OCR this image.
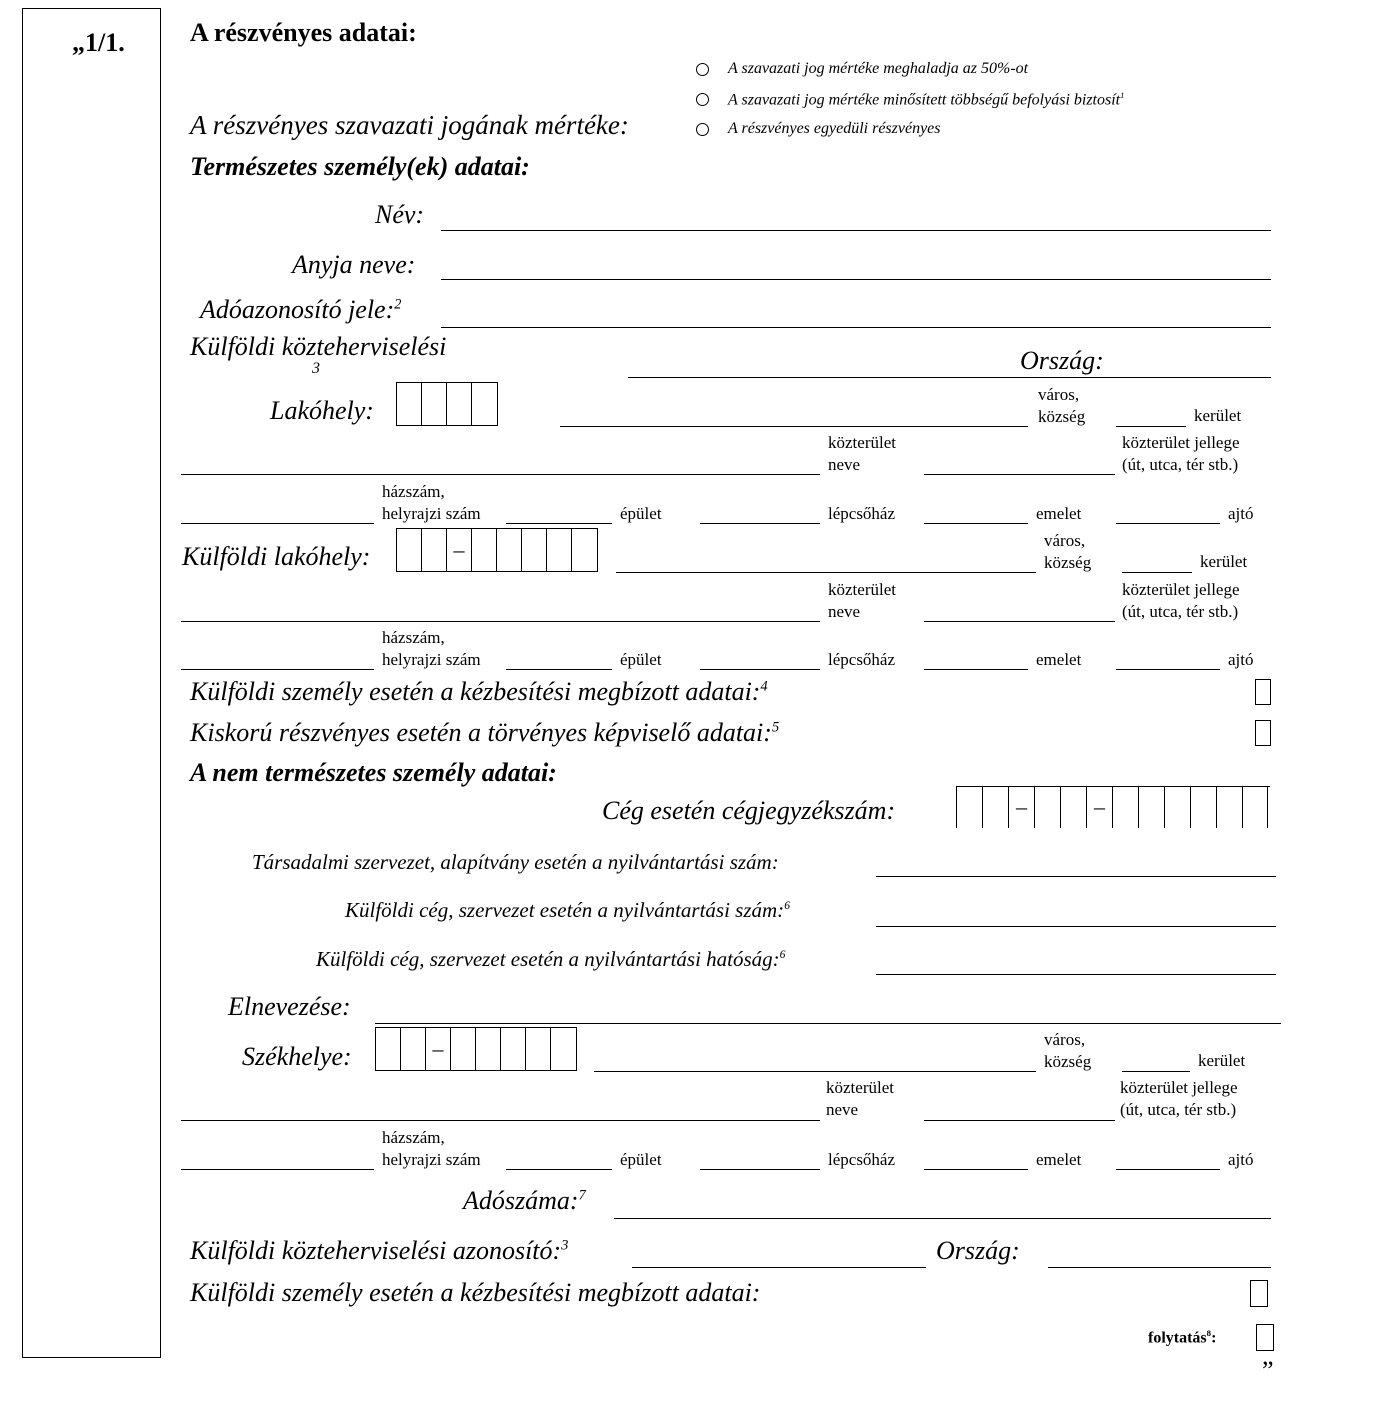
„1/1.	A részvényes adatai:
A részvényes szavazati jogának mértéke:
A szavazati jog mértéke meghaladja az 50%-ot
A szavazati jog mértéke minősített többségű befolyási biztosít$^1$
A részvényes egyedüli részvényes
Természetes személy(ek) adatai:
Név:
Anyja neve:
Adóazonosító jele:$^2$
Külföldi közteherviselési
3	Ország:
Lakóhely:
város,
község	kerület
közterület
neve
közterület jellege
(út, utca, tér stb.)
házszám,
helyrajzi szám	épület	lépcsőház	emelet	ajtó
Külföldi lakóhely:	–	város,
község	kerület
közterület
neve
közterület jellege
(út, utca, tér stb.)
házszám,
helyrajzi szám	épület	lépcsőház	emelet	ajtó
Külföldi személy esetén a kézbesítési megbízott adatai:$^4$
Kiskorú részvényes esetén a törvényes képviselő adatai:$^5$
A nem természetes személy adatai:
Cég esetén cégjegyzékszám:	–	–
Társadalmi szervezet, alapítvány esetén a nyilvántartási szám:
Külföldi cég, szervezet esetén a nyilvántartási szám:$^6$
Külföldi cég, szervezet esetén a nyilvántartási hatóság:$^6$
Elnevezése:
Székhelye:	–	város,
község	kerület
közterület
neve
közterület jellege
(út, utca, tér stb.)
házszám,
helyrajzi szám	épület	lépcsőház	emelet	ajtó
Adószáma:$^7$
Külföldi közteherviselési azonosító:$^3$	Ország:
Külföldi személy esetén a kézbesítési megbízott adatai:
folytatás$^8$:
”
